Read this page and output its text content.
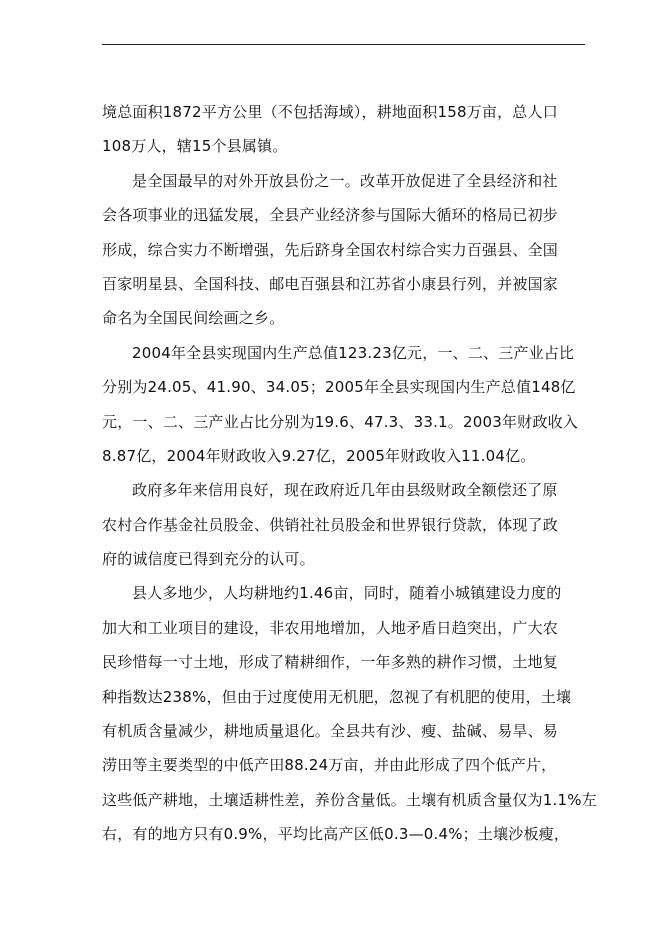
境总面积1872平方公里（不包括海域），耕地面积158万亩，总人口
108万人，辖15个县属镇。
是全国最早的对外开放县份之一。改革开放促进了全县经济和社
会各项事业的迅猛发展，全县产业经济参与国际大循环的格局已初步
形成，综合实力不断增强，先后跻身全国农村综合实力百强县、全国
百家明星县、全国科技、邮电百强县和江苏省小康县行列，并被国家
命名为全国民间绘画之乡。
2004年全县实现国内生产总值123.23亿元，一、二、三产业占比
分别为24.05、41.90、34.05；2005年全县实现国内生产总值148亿
元，一、二、三产业占比分别为19.6、47.3、33.1。2003年财政收入
8.87亿，2004年财政收入9.27亿，2005年财政收入11.04亿。
政府多年来信用良好，现在政府近几年由县级财政全额偿还了原
农村合作基金社员股金、供销社社员股金和世界银行贷款，体现了政
府的诚信度已得到充分的认可。
县人多地少，人均耕地约1.46亩，同时，随着小城镇建设力度的
加大和工业项目的建设，非农用地增加，人地矛盾日趋突出，广大农
民珍惜每一寸土地，形成了精耕细作，一年多熟的耕作习惯，土地复
种指数达238%，但由于过度使用无机肥，忽视了有机肥的使用，土壤
有机质含量减少，耕地质量退化。全县共有沙、瘦、盐碱、易旱、易
涝田等主要类型的中低产田88.24万亩，并由此形成了四个低产片，
这些低产耕地，土壤适耕性差，养份含量低。土壤有机质含量仅为1.1%左
右，有的地方只有0.9%，平均比高产区低0.3—0.4%；土壤沙板瘦，
